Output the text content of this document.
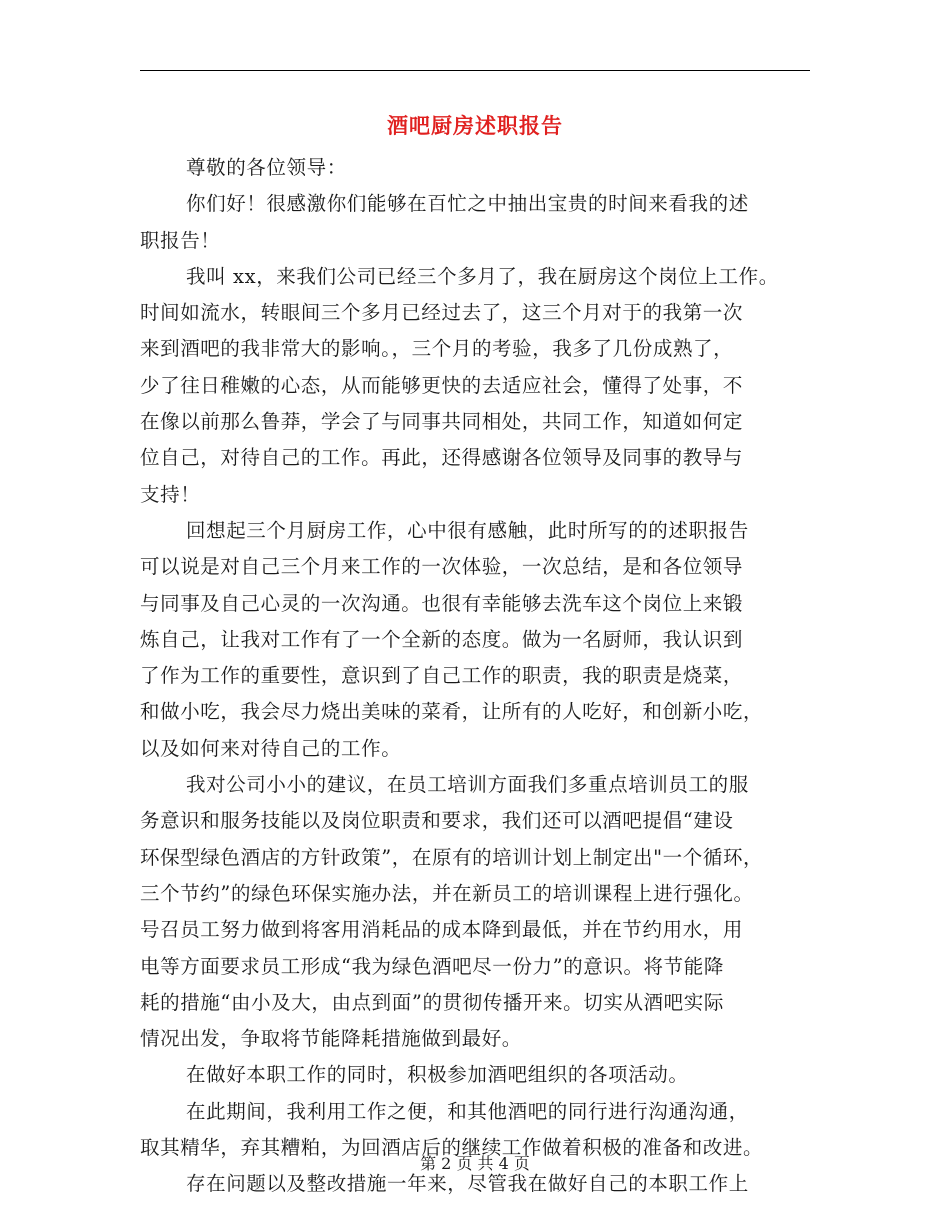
酒吧厨房述职报告
尊敬的各位领导：
你们好！很感激你们能够在百忙之中抽出宝贵的时间来看我的述
职报告！
我叫 xx，来我们公司已经三个多月了，我在厨房这个岗位上工作。
时间如流水，转眼间三个多月已经过去了，这三个月对于的我第一次
来到酒吧的我非常大的影响。，三个月的考验，我多了几份成熟了，
少了往日稚嫩的心态，从而能够更快的去适应社会，懂得了处事，不
在像以前那么鲁莽，学会了与同事共同相处，共同工作，知道如何定
位自己，对待自己的工作。再此，还得感谢各位领导及同事的教导与
支持！
回想起三个月厨房工作，心中很有感触，此时所写的的述职报告
可以说是对自己三个月来工作的一次体验，一次总结，是和各位领导
与同事及自己心灵的一次沟通。也很有幸能够去洗车这个岗位上来锻
炼自己，让我对工作有了一个全新的态度。做为一名厨师，我认识到
了作为工作的重要性，意识到了自己工作的职责，我的职责是烧菜，
和做小吃，我会尽力烧出美味的菜肴，让所有的人吃好，和创新小吃，
以及如何来对待自己的工作。
我对公司小小的建议，在员工培训方面我们多重点培训员工的服
务意识和服务技能以及岗位职责和要求，我们还可以酒吧提倡“建设
环保型绿色酒店的方针政策”，在原有的培训计划上制定出"一个循环，
三个节约”的绿色环保实施办法，并在新员工的培训课程上进行强化。
号召员工努力做到将客用消耗品的成本降到最低，并在节约用水，用
电等方面要求员工形成“我为绿色酒吧尽一份力”的意识。将节能降
耗的措施“由小及大，由点到面”的贯彻传播开来。切实从酒吧实际
情况出发，争取将节能降耗措施做到最好。
在做好本职工作的同时，积极参加酒吧组织的各项活动。
在此期间，我利用工作之便，和其他酒吧的同行进行沟通沟通，
取其精华，弃其糟粕，为回酒店后的继续工作做着积极的准备和改进。
存在问题以及整改措施一年来，尽管我在做好自己的本职工作上
第 2 页 共 4 页
